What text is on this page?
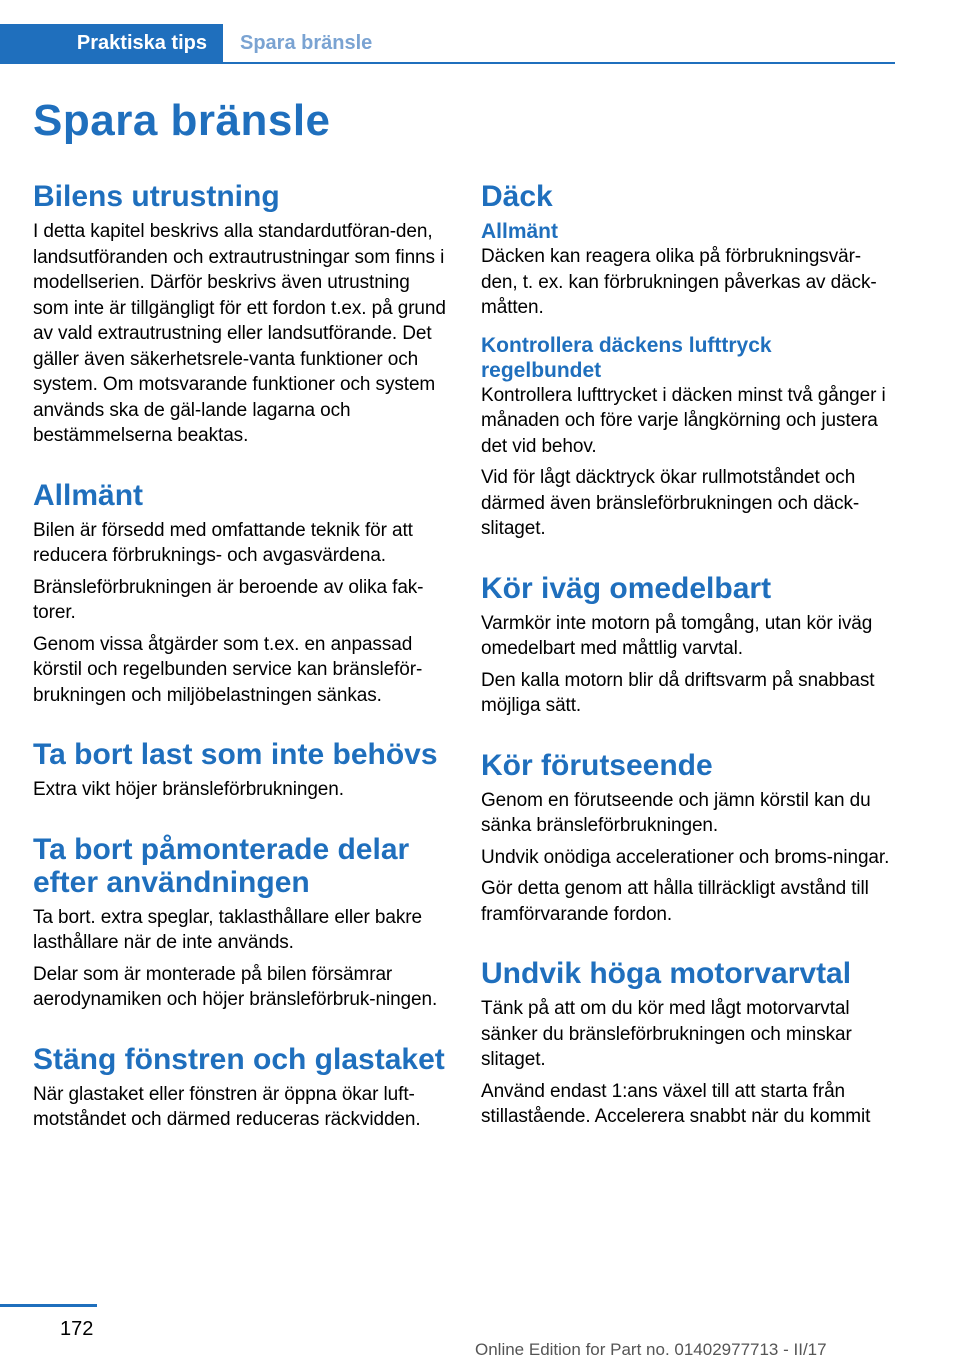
Praktiska tips	Spara bränsle
Spara bränsle
Bilens utrustning

I detta kapitel beskrivs alla standardutföran-den, landsutföranden och extrautrustningar som finns i modellserien. Därför beskrivs även utrustning som inte är tillgängligt för ett fordon t.ex. på grund av vald extrautrustning eller landsutförande. Det gäller även säkerhetsrele-vanta funktioner och system. Om motsvarande funktioner och system används ska de gäl-lande lagarna och bestämmelserna beaktas.

Allmänt

Bilen är försedd med omfattande teknik för att reducera förbruknings- och avgasvärdena.

Bränsleförbrukningen är beroende av olika fak-torer.

Genom vissa åtgärder som t.ex. en anpassad körstil och regelbunden service kan bränsleför-brukningen och miljöbelastningen sänkas.

Ta bort last som inte behövs

Extra vikt höjer bränsleförbrukningen.

Ta bort påmonterade delar efter användningen

Ta bort. extra speglar, taklasthållare eller bakre lasthållare när de inte används.

Delar som är monterade på bilen försämrar aerodynamiken och höjer bränsleförbruk-ningen.

Stäng fönstren och glastaket

När glastaket eller fönstren är öppna ökar luft-motståndet och därmed reduceras räckvidden.

Däck
Allmänt

Däcken kan reagera olika på förbrukningsvär-den, t. ex. kan förbrukningen påverkas av däck-måtten.

Kontrollera däckens lufttryck regelbundet

Kontrollera lufttrycket i däcken minst två gånger i månaden och före varje långkörning och justera det vid behov.

Vid för lågt däcktryck ökar rullmotståndet och därmed även bränsleförbrukningen och däck-slitaget.

Kör iväg omedelbart

Varmkör inte motorn på tomgång, utan kör iväg omedelbart med måttlig varvtal.

Den kalla motorn blir då driftsvarm på snabbast möjliga sätt.

Kör förutseende

Genom en förutseende och jämn körstil kan du sänka bränsleförbrukningen.

Undvik onödiga accelerationer och broms-ningar.

Gör detta genom att hålla tillräckligt avstånd till framförvarande fordon.

Undvik höga motorvarvtal

Tänk på att om du kör med lågt motorvarvtal sänker du bränsleförbrukningen och minskar slitaget.

Använd endast 1:ans växel till att starta från stillastående. Accelerera snabbt när du kommit

172
Online Edition for Part no. 01402977713 - II/17
